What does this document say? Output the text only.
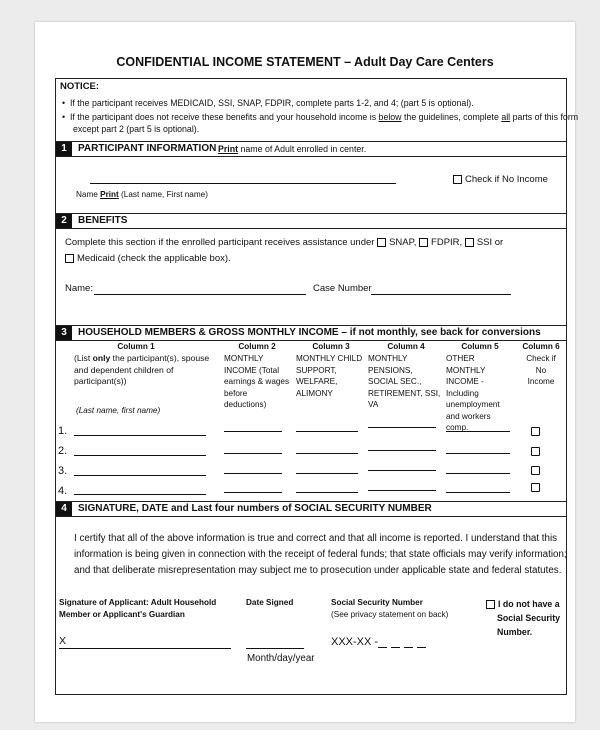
CONFIDENTIAL INCOME STATEMENT – Adult Day Care Centers
NOTICE:
•  If the participant receives MEDICAID, SSI, SNAP, FDPIR, complete parts 1-2, and 4; (part 5 is optional).
•  If the participant does not receive these benefits and your household income is below the guidelines, complete all parts of this form
except part 2 (part 5 is optional).
1	PARTICIPANT INFORMATION Print name of Adult enrolled in center.
Check if No Income
Name Print (Last name, First name)
2	BENEFITS
Complete this section if the enrolled participant receives assistance under SNAP, FDPIR, SSI or
Medicaid (check the applicable box).
Name:	Case Number
3	HOUSEHOLD MEMBERS & GROSS MONTHLY INCOME – if not monthly, see back for conversions
Column 1
(List only the participant(s), spouse and dependent children of participant(s))
(Last name, first name)
Column 2
MONTHLY INCOME (Total earnings & wages before deductions)
Column 3
MONTHLY CHILD SUPPORT, WELFARE, ALIMONY
Column 4
MONTHLY PENSIONS, SOCIAL SEC., RETIREMENT, SSI, VA
Column 5
OTHER MONTHLY INCOME -Including unemployment and workers comp.
Column 6
Check if No Income
1.
2.
3.
4.
4	SIGNATURE, DATE and Last four numbers of SOCIAL SECURITY NUMBER
I certify that all of the above information is true and correct and that all income is reported. I understand that this
information is being given in connection with the receipt of federal funds; that state officials may verify information;
and that deliberate misrepresentation may subject me to prosecution under applicable state and federal statutes.
Signature of Applicant: Adult Household
Member or Applicant's Guardian
Date Signed	Social Security Number
(See privacy statement on back)
I do not have a
Social Security
Number.
X
Month/day/year
XXX-XX -
